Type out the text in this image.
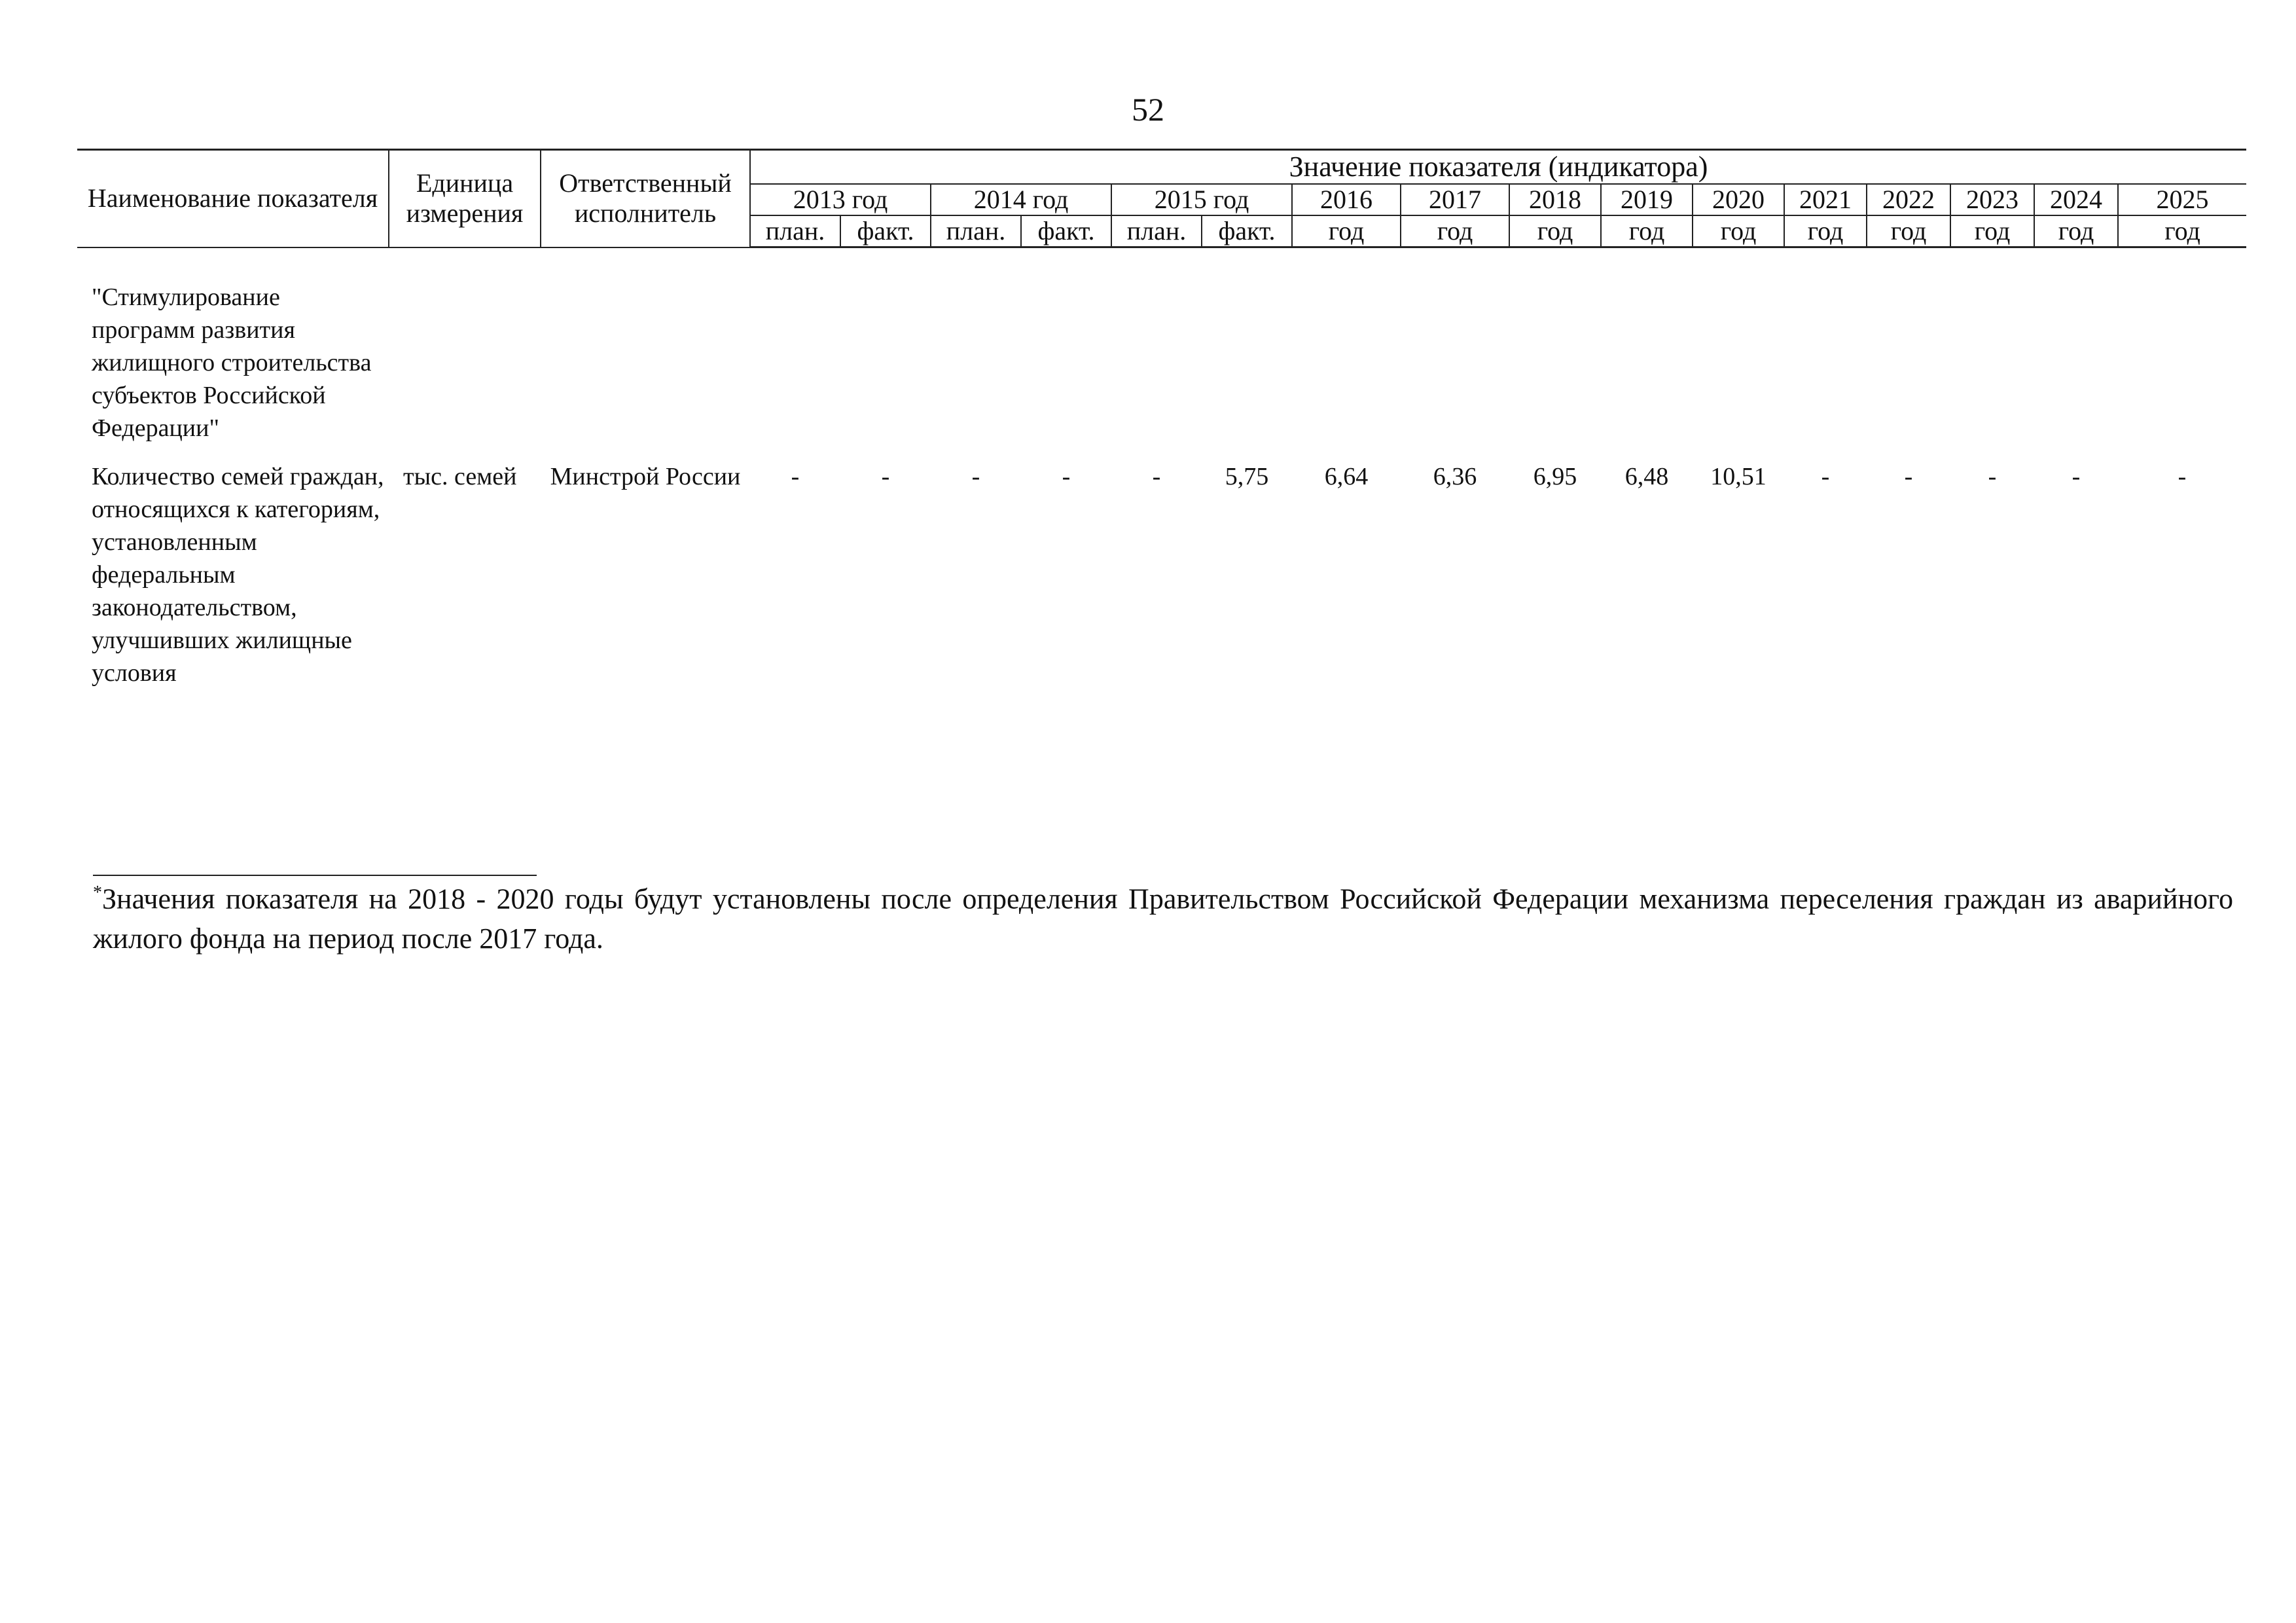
52
Наименование показателя	Единица измерения	Ответственный исполнитель	Значение показателя (индикатора)															
			2013 год		2014 год		2015 год		2016	2017	2018	2019	2020	2021	2022	2023	2024	2025
			план.	факт.	план.	факт.	план.	факт.	год	год	год	год	год	год	год	год	год	год
"Стимулирование программ развития жилищного строительства субъектов Российской Федерации"																		
Количество семей граждан, относящихся к категориям, установленным федеральным законодательством, улучшивших жилищные условия	тыс. семей	Минстрой России	-	-	-	-	-	5,75	6,64	6,36	6,95	6,48	10,51	-	-	-	-	-
*Значения показателя на 2018 - 2020 годы будут установлены после определения Правительством Российской Федерации механизма переселения граждан из аварийного жилого фонда на период после 2017 года.
